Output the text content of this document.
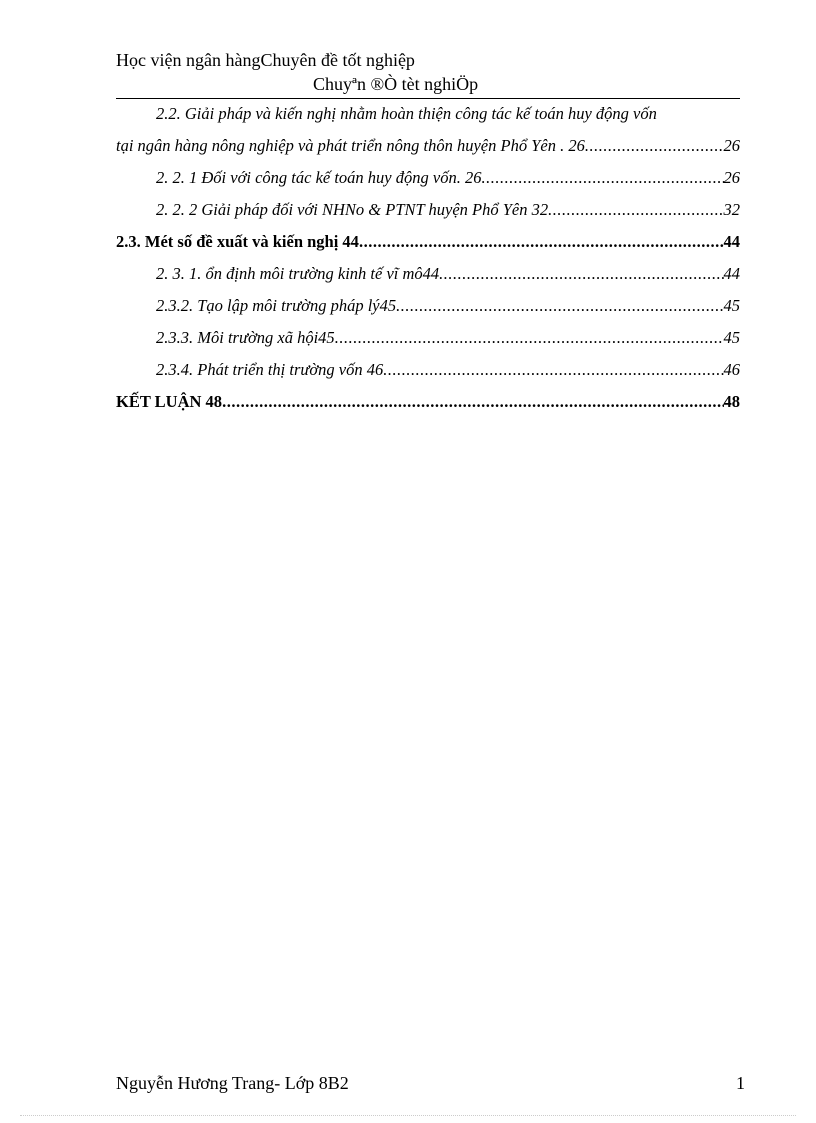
Học viện ngân hàngChuyên đề tốt nghiệp
Chuyªn ®Ò tèt nghiÖp
2.2. Giải pháp và kiến nghị nhằm hoàn thiện công tác kế toán huy động vốn
tại ngân hàng nông nghiệp và phát triển nông thôn huyện Phổ Yên . 26 .....	26
2. 2. 1 Đối với công tác kế toán huy động vốn. 26 .....	26
2. 2. 2 Giải pháp đối với NHNo & PTNT huyện Phổ Yên 32 .....	32
2.3. Mét số đề xuất và kiến nghị 44 .....	44
2. 3. 1. ổn định môi trường kinh tế vĩ mô44 .....	44
2.3.2. Tạo lập môi trường pháp lý45 .....	45
2.3.3. Môi trường xã hội45 .....	45
2.3.4. Phát triển thị trường vốn 46 .....	46
KẾT LUẬN 48 .....	48
Nguyễn Hương Trang- Lớp 8B2	1
